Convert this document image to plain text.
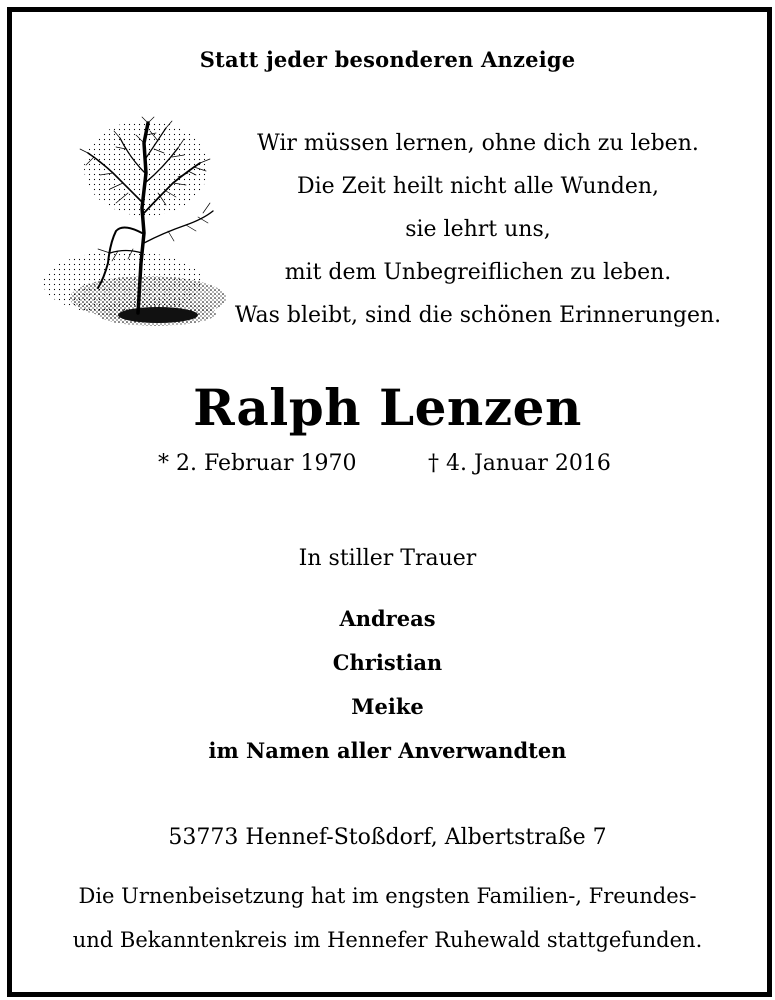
Statt jeder besonderen Anzeige
Wir müssen lernen, ohne dich zu leben.
Die Zeit heilt nicht alle Wunden,
sie lehrt uns,
mit dem Unbegreiflichen zu leben.
Was bleibt, sind die schönen Erinnerungen.
Ralph Lenzen
* 2. Februar 1970	† 4. Januar 2016
In stiller Trauer
Andreas
Christian
Meike
im Namen aller Anverwandten
53773 Hennef-Stoßdorf, Albertstraße 7
Die Urnenbeisetzung hat im engsten Familien-, Freundes-
und Bekanntenkreis im Hennefer Ruhewald stattgefunden.
